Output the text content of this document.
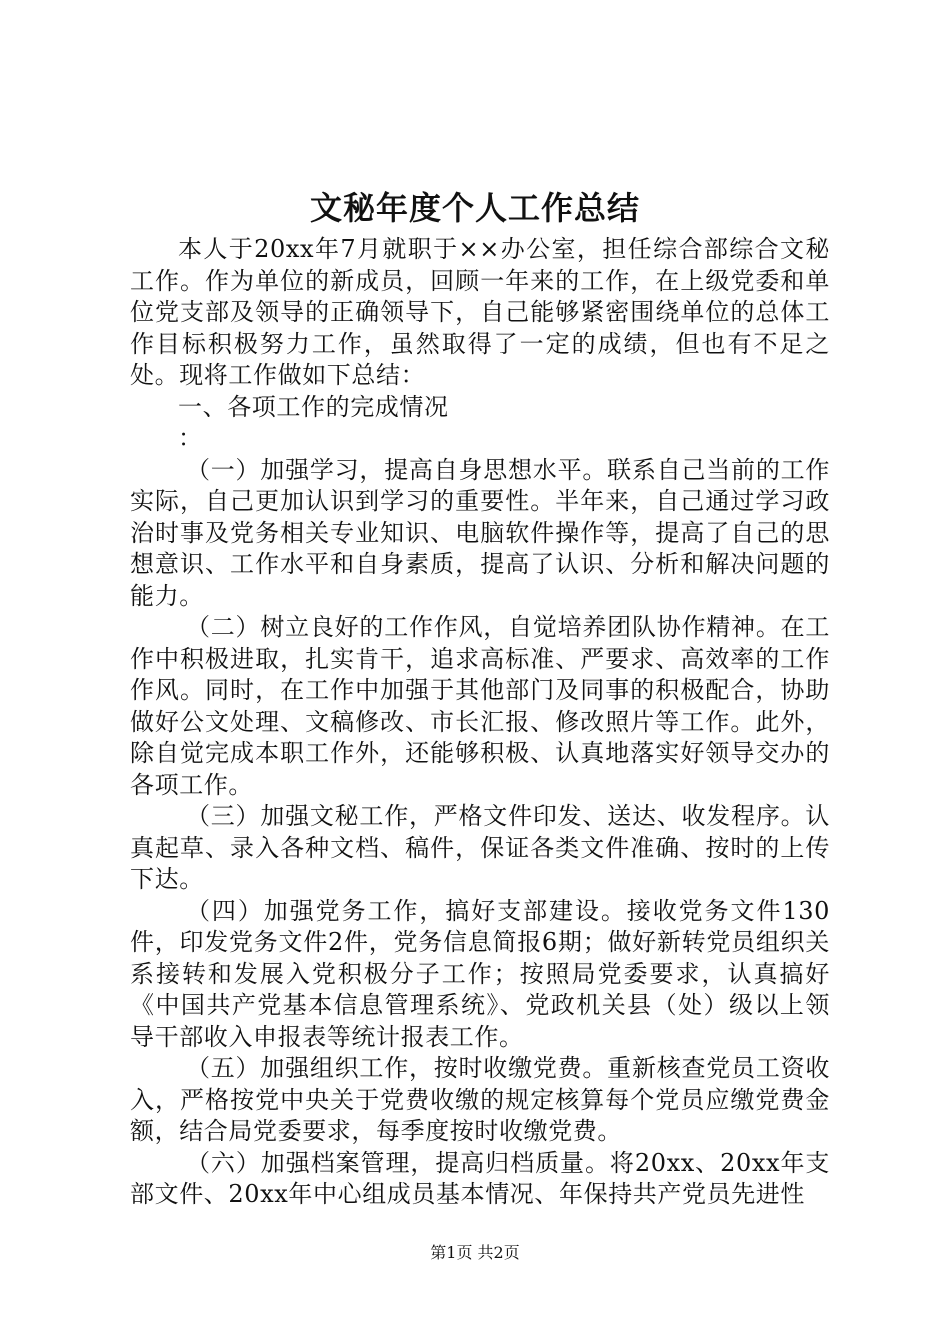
文秘年度个人工作总结

本人于20xx年7月就职于××办公室，担任综合部综合文秘工作。作为单位的新成员，回顾一年来的工作，在上级党委和单位党支部及领导的正确领导下，自己能够紧密围绕单位的总体工作目标积极努力工作，虽然取得了一定的成绩，但也有不足之处。现将工作做如下总结：

一、各项工作的完成情况

：

（一）加强学习，提高自身思想水平。联系自己当前的工作实际，自己更加认识到学习的重要性。半年来，自己通过学习政治时事及党务相关专业知识、电脑软件操作等，提高了自己的思想意识、工作水平和自身素质，提高了认识、分析和解决问题的能力。

（二）树立良好的工作作风，自觉培养团队协作精神。在工作中积极进取，扎实肯干，追求高标准、严要求、高效率的工作作风。同时，在工作中加强于其他部门及同事的积极配合，协助做好公文处理、文稿修改、市长汇报、修改照片等工作。此外，除自觉完成本职工作外，还能够积极、认真地落实好领导交办的各项工作。

（三）加强文秘工作，严格文件印发、送达、收发程序。认真起草、录入各种文档、稿件，保证各类文件准确、按时的上传下达。

（四）加强党务工作，搞好支部建设。接收党务文件130件，印发党务文件2件，党务信息简报6期；做好新转党员组织关系接转和发展入党积极分子工作；按照局党委要求，认真搞好《中国共产党基本信息管理系统》、党政机关县（处）级以上领导干部收入申报表等统计报表工作。

（五）加强组织工作，按时收缴党费。重新核查党员工资收入，严格按党中央关于党费收缴的规定核算每个党员应缴党费金额，结合局党委要求，每季度按时收缴党费。

（六）加强档案管理，提高归档质量。将20xx、20xx年支部文件、20xx年中心组成员基本情况、年保持共产党员先进性

第1页 共2页
